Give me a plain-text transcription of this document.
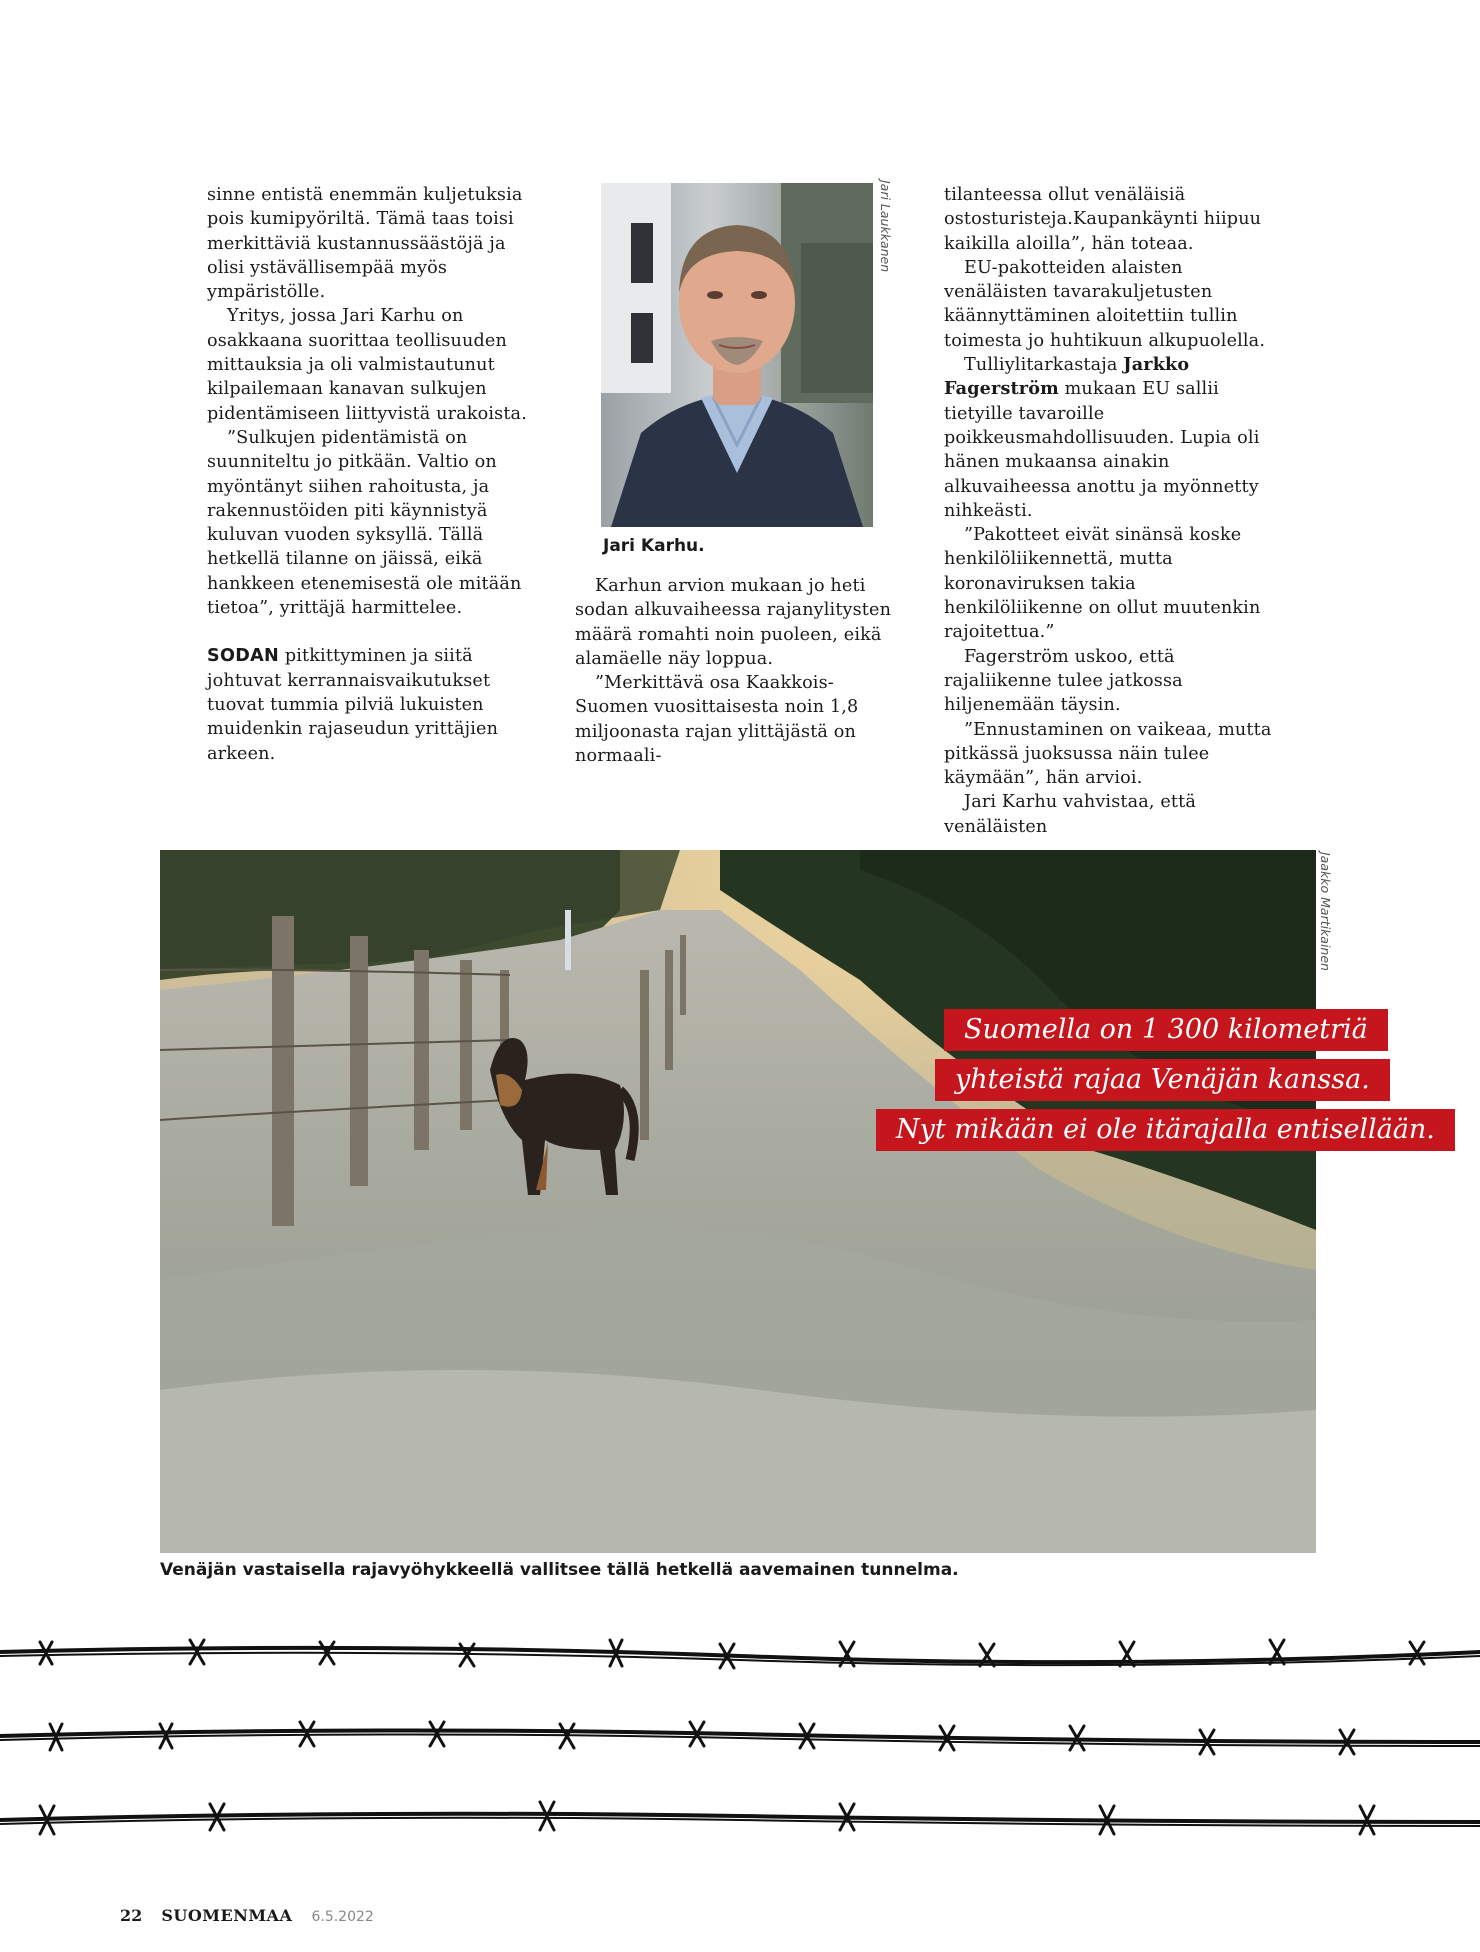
sinne entistä enemmän kuljetuksia pois kumipyöriltä. Tämä taas toisi merkittäviä kustannussäästöjä ja olisi ystävällisempää myös ympäristölle.

Yritys, jossa Jari Karhu on osakkaana suorittaa teollisuuden mittauksia ja oli valmistautunut kilpailemaan kanavan sulkujen pidentämiseen liittyvistä urakoista.

”Sulkujen pidentämistä on suunniteltu jo pitkään. Valtio on myöntänyt siihen rahoitusta, ja rakennustöiden piti käynnistyä kuluvan vuoden syksyllä. Tällä hetkellä tilanne on jäissä, eikä hankkeen etenemisestä ole mitään tietoa”, yrittäjä harmittelee.

SODAN pitkittyminen ja siitä johtuvat kerrannaisvaikutukset tuovat tummia pilviä lukuisten muidenkin rajaseudun yrittäjien arkeen.

Jari Laukkanen
Jari Karhu.

Karhun arvion mukaan jo heti sodan alkuvaiheessa rajanylitysten määrä romahti noin puoleen, eikä alamäelle näy loppua.

”Merkittävä osa Kaakkois-Suomen vuosittaisesta noin 1,8 miljoonasta rajan ylittäjästä on normaali-

tilanteessa ollut venäläisiä ostosturisteja.Kaupankäynti hiipuu kaikilla aloilla”, hän toteaa.

EU-pakotteiden alaisten venäläisten tavarakuljetusten käännyttäminen aloitettiin tullin toimesta jo huhtikuun alkupuolella.

Tulliylitarkastaja Jarkko Fagerström mukaan EU sallii tietyille tavaroille poikkeusmahdollisuuden. Lupia oli hänen mukaansa ainakin alkuvaiheessa anottu ja myönnetty nihkeästi.

”Pakotteet eivät sinänsä koske henkilöliikennettä, mutta koronaviruksen takia henkilöliikenne on ollut muutenkin rajoitettua.”

Fagerström uskoo, että rajaliikenne tulee jatkossa hiljenemään täysin.

”Ennustaminen on vaikeaa, mutta pitkässä juoksussa näin tulee käymään”, hän arvioi.

Jari Karhu vahvistaa, että venäläisten

Suomella on 1 300 kilometriä
yhteistä rajaa Venäjän kanssa.
Nyt mikään ei ole itärajalla entisellään.
Jaakko Martikainen
Venäjän vastaisella rajavyöhykkeellä vallitsee tällä hetkellä aavemainen tunnelma.
22 SUOMENMAA 6.5.2022
